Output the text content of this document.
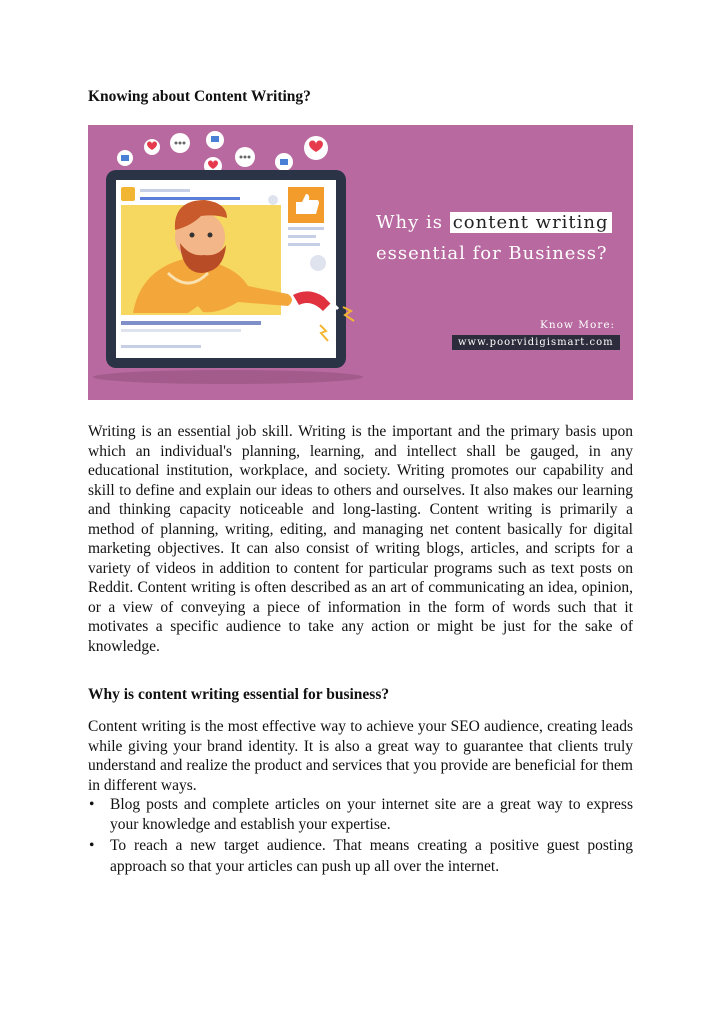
Knowing about Content Writing?
Why is content writing
essential for Business?
Know More:
www.poorvidigismart.com

Writing is an essential job skill. Writing is the important and the primary basis upon which an individual's planning, learning, and intellect shall be gauged, in any educational institution, workplace, and society. Writing promotes our capability and skill to define and explain our ideas to others and ourselves. It also makes our learning and thinking capacity noticeable and long-lasting. Content writing is primarily a method of planning, writing, editing, and managing net content basically for digital marketing objectives. It can also consist of writing blogs, articles, and scripts for a variety of videos in addition to content for particular programs such as text posts on Reddit. Content writing is often described as an art of communicating an idea, opinion, or a view of conveying a piece of information in the form of words such that it motivates a specific audience to take any action or might be just for the sake of knowledge.

Why is content writing essential for business?

Content writing is the most effective way to achieve your SEO audience, creating leads while giving your brand identity. It is also a great way to guarantee that clients truly understand and realize the product and services that you provide are beneficial for them in different ways.

• Blog posts and complete articles on your internet site are a great way to express your knowledge and establish your expertise.
• To reach a new target audience. That means creating a positive guest posting approach so that your articles can push up all over the internet.
